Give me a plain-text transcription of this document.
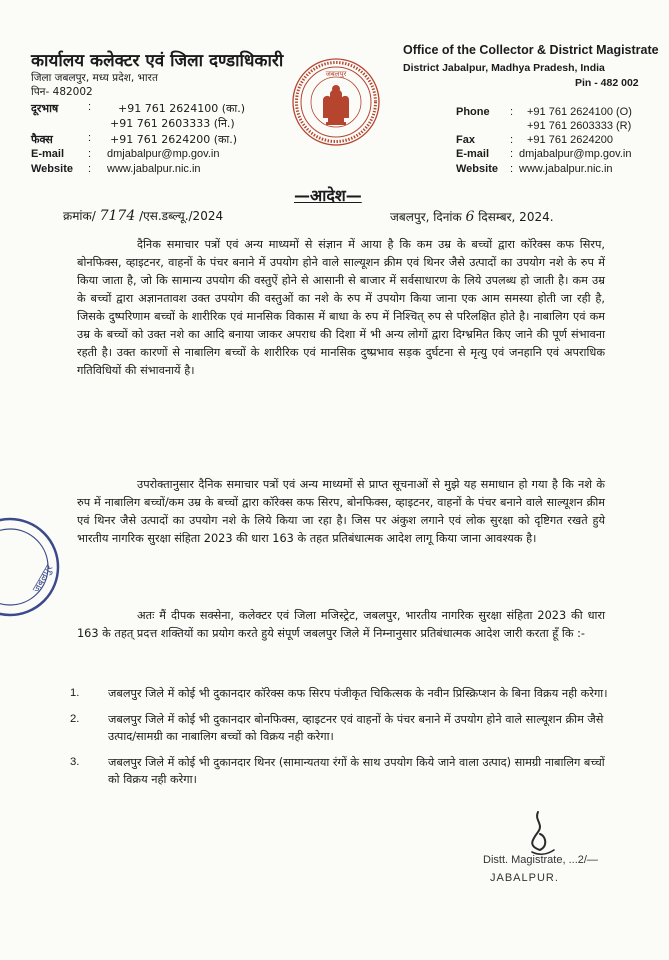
कार्यालय कलेक्टर एवं जिला दण्डाधिकारी
जिला जबलपुर, मध्य प्रदेश, भारत
पिन- 482002
दूरभाष	: +91 761 2624100 (का.)
+91 761 2603333 (नि.)
फैक्स	: +91 761 2624200 (का.)
E-mail : dmjabalpur@mp.gov.in
Website : www.jabalpur.nic.in
जबलपुर
Office of the Collector & District Magistrate
District Jabalpur, Madhya Pradesh, India
Pin - 482 002
Phone : +91 761 2624100 (O)
+91 761 2603333 (R)
Fax	: +91 761 2624200
E-mail : dmjabalpur@mp.gov.in
Website : www.jabalpur.nic.in
—आदेश—
क्रमांक/ 7174 /एस.डब्ल्यू./2024	जबलपुर, दिनांक 6 दिसम्बर, 2024.

दैनिक समाचार पत्रों एवं अन्य माध्यमों से संज्ञान में आया है कि कम उम्र के बच्चों द्वारा कॉरेक्स कफ सिरप, बोनफिक्स, व्हाइटनर, वाहनों के पंचर बनाने में उपयोग होने वाले साल्यूशन क्रीम एवं थिनर जैसे उत्पादों का उपयोग नशे के रुप में किया जाता है, जो कि सामान्य उपयोग की वस्तुऐं होने से आसानी से बाजार में सर्वसाधारण के लिये उपलब्ध हो जाती है। कम उम्र के बच्चों द्वारा अज्ञानतावश उक्त उपयोग की वस्तुओं का नशे के रुप में उपयोग किया जाना एक आम समस्या होती जा रही है, जिसके दुष्परिणाम बच्चों के शारीरिक एवं मानसिक विकास में बाधा के रुप में निश्चित् रुप से परिलक्षित होते है। नाबालिग एवं कम उम्र के बच्चों को उक्त नशे का आदि बनाया जाकर अपराध की दिशा में भी अन्य लोगों द्वारा दिग्भ्रमित किए जाने की पूर्ण संभावना रहती है। उक्त कारणों से नाबालिग बच्चों के शारीरिक एवं मानसिक दुष्प्रभाव सड़क दुर्घटना से मृत्यु एवं जनहानि एवं अपराधिक गतिविधियों की संभावनायें है।

उपरोक्तानुसार दैनिक समाचार पत्रों एवं अन्य माध्यमों से प्राप्त सूचनाओं से मुझे यह समाधान हो गया है कि नशे के रुप में नाबालिग बच्चों/कम उम्र के बच्चों द्वारा कॉरेक्स कफ सिरप, बोनफिक्स, व्हाइटनर, वाहनों के पंचर बनाने वाले साल्यूशन क्रीम एवं थिनर जैसे उत्पादों का उपयोग नशे के लिये किया जा रहा है। जिस पर अंकुश लगाने एवं लोक सुरक्षा को दृष्टिगत रखते हुये भारतीय नागरिक सुरक्षा संहिता 2023 की धारा 163 के तहत प्रतिबंधात्मक आदेश लागू किया जाना आवश्यक है।

अतः मैं दीपक सक्सेना, कलेक्टर एवं जिला मजिस्ट्रेट, जबलपुर, भारतीय नागरिक सुरक्षा संहिता 2023 की धारा 163 के तहत् प्रदत्त शक्तियों का प्रयोग करते हुये संपूर्ण जबलपुर जिले में निम्नानुसार प्रतिबंधात्मक आदेश जारी करता हूँ कि :-

1.	जबलपुर जिले में कोई भी दुकानदार कॉरेक्स कफ सिरप पंजीकृत चिकित्सक के नवीन प्रिस्क्रिप्शन के बिना विक्रय नही करेगा।
2.	जबलपुर जिले में कोई भी दुकानदार बोनफिक्स, व्हाइटनर एवं वाहनों के पंचर बनाने में उपयोग होने वाले साल्यूशन क्रीम जैसे उत्पाद/सामग्री का नाबालिग बच्चों को विक्रय नही करेगा।
3.	जबलपुर जिले में कोई भी दुकानदार थिनर (सामान्यतया रंगों के साथ उपयोग किये जाने वाला उत्पाद) सामग्री नाबालिग बच्चों को विक्रय नही करेगा।
Distt. Magistrate, ...2/—
JABALPUR.
जबलपुर
